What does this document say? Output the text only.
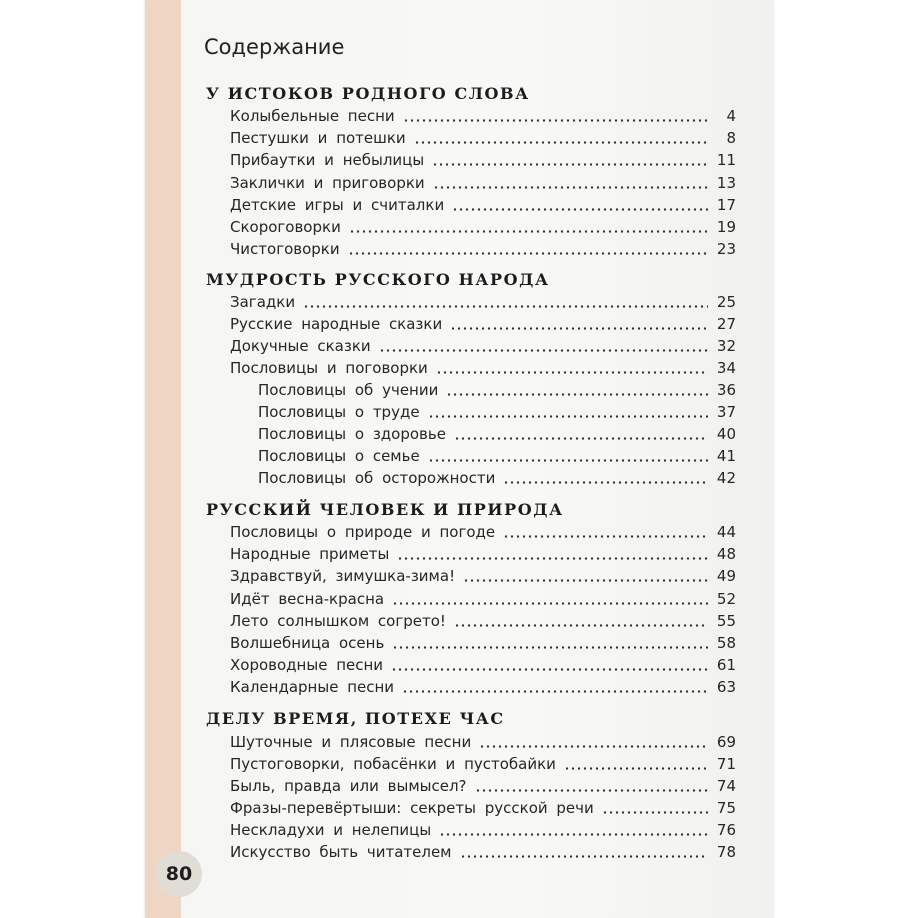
Содержание
У ИСТОКОВ РОДНОГО СЛОВА
Колыбельные песни	4
Пестушки и потешки	8
Прибаутки и небылицы	11
Заклички и приговорки	13
Детские игры и считалки	17
Скороговорки	19
Чистоговорки	23
МУДРОСТЬ РУССКОГО НАРОДА
Загадки	25
Русские народные сказки	27
Докучные сказки	32
Пословицы и поговорки	34
Пословицы об учении	36
Пословицы о труде	37
Пословицы о здоровье	40
Пословицы о семье	41
Пословицы об осторожности	42
РУССКИЙ ЧЕЛОВЕК И ПРИРОДА
Пословицы о природе и погоде	44
Народные приметы	48
Здравствуй, зимушка-зима!	49
Идёт весна-красна	52
Лето солнышком согрето!	55
Волшебница осень	58
Хороводные песни	61
Календарные песни	63
ДЕЛУ ВРЕМЯ, ПОТЕХЕ ЧАС
Шуточные и плясовые песни	69
Пустоговорки, побасёнки и пустобайки	71
Быль, правда или вымысел?	74
Фразы-перевёртыши: секреты русской речи	75
Нескладухи и нелепицы	76
Искусство быть читателем	78
80
